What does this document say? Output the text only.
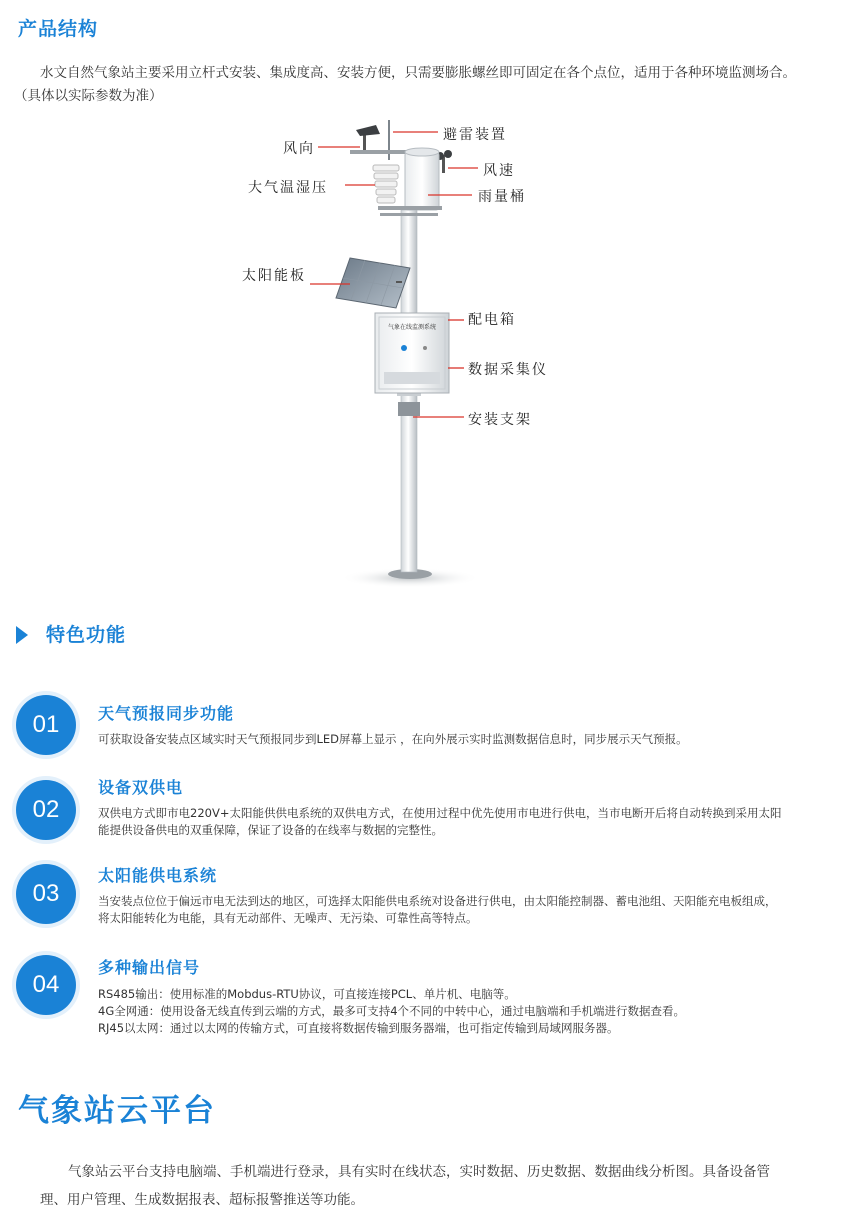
产品结构
水文自然气象站主要采用立杆式安装、集成度高、安装方便，只需要膨胀螺丝即可固定在各个点位，适用于各种环境监测场合。
（具体以实际参数为准）
气象在线监测系统
避雷装置
风向
风速
大气温湿压
雨量桶
太阳能板
配电箱
数据采集仪
安装支架
特色功能
01	天气预报同步功能
可获取设备安装点区域实时天气预报同步到LED屏幕上显示 ，在向外展示实时监测数据信息时，同步展示天气预报。
02
设备双供电
双供电方式即市电220V+太阳能供供电系统的双供电方式，在使用过程中优先使用市电进行供电，当市电断开后将自动转换到采用太阳
能提供设备供电的双重保障，保证了设备的在线率与数据的完整性。
03
太阳能供电系统
当安装点位位于偏远市电无法到达的地区，可选择太阳能供电系统对设备进行供电，由太阳能控制器、蓄电池组、天阳能充电板组成，
将太阳能转化为电能，具有无动部件、无噪声、无污染、可靠性高等特点。
04
多种输出信号
RS485输出：使用标准的Mobdus-RTU协议，可直接连接PCL、单片机、电脑等。
4G全网通：使用设备无线直传到云端的方式，最多可支持4个不同的中转中心，通过电脑端和手机端进行数据查看。
RJ45以太网：通过以太网的传输方式，可直接将数据传输到服务器端，也可指定传输到局域网服务器。
气象站云平台
气象站云平台支持电脑端、手机端进行登录，具有实时在线状态，实时数据、历史数据、数据曲线分析图。具备设备管
理、用户管理、生成数据报表、超标报警推送等功能。
